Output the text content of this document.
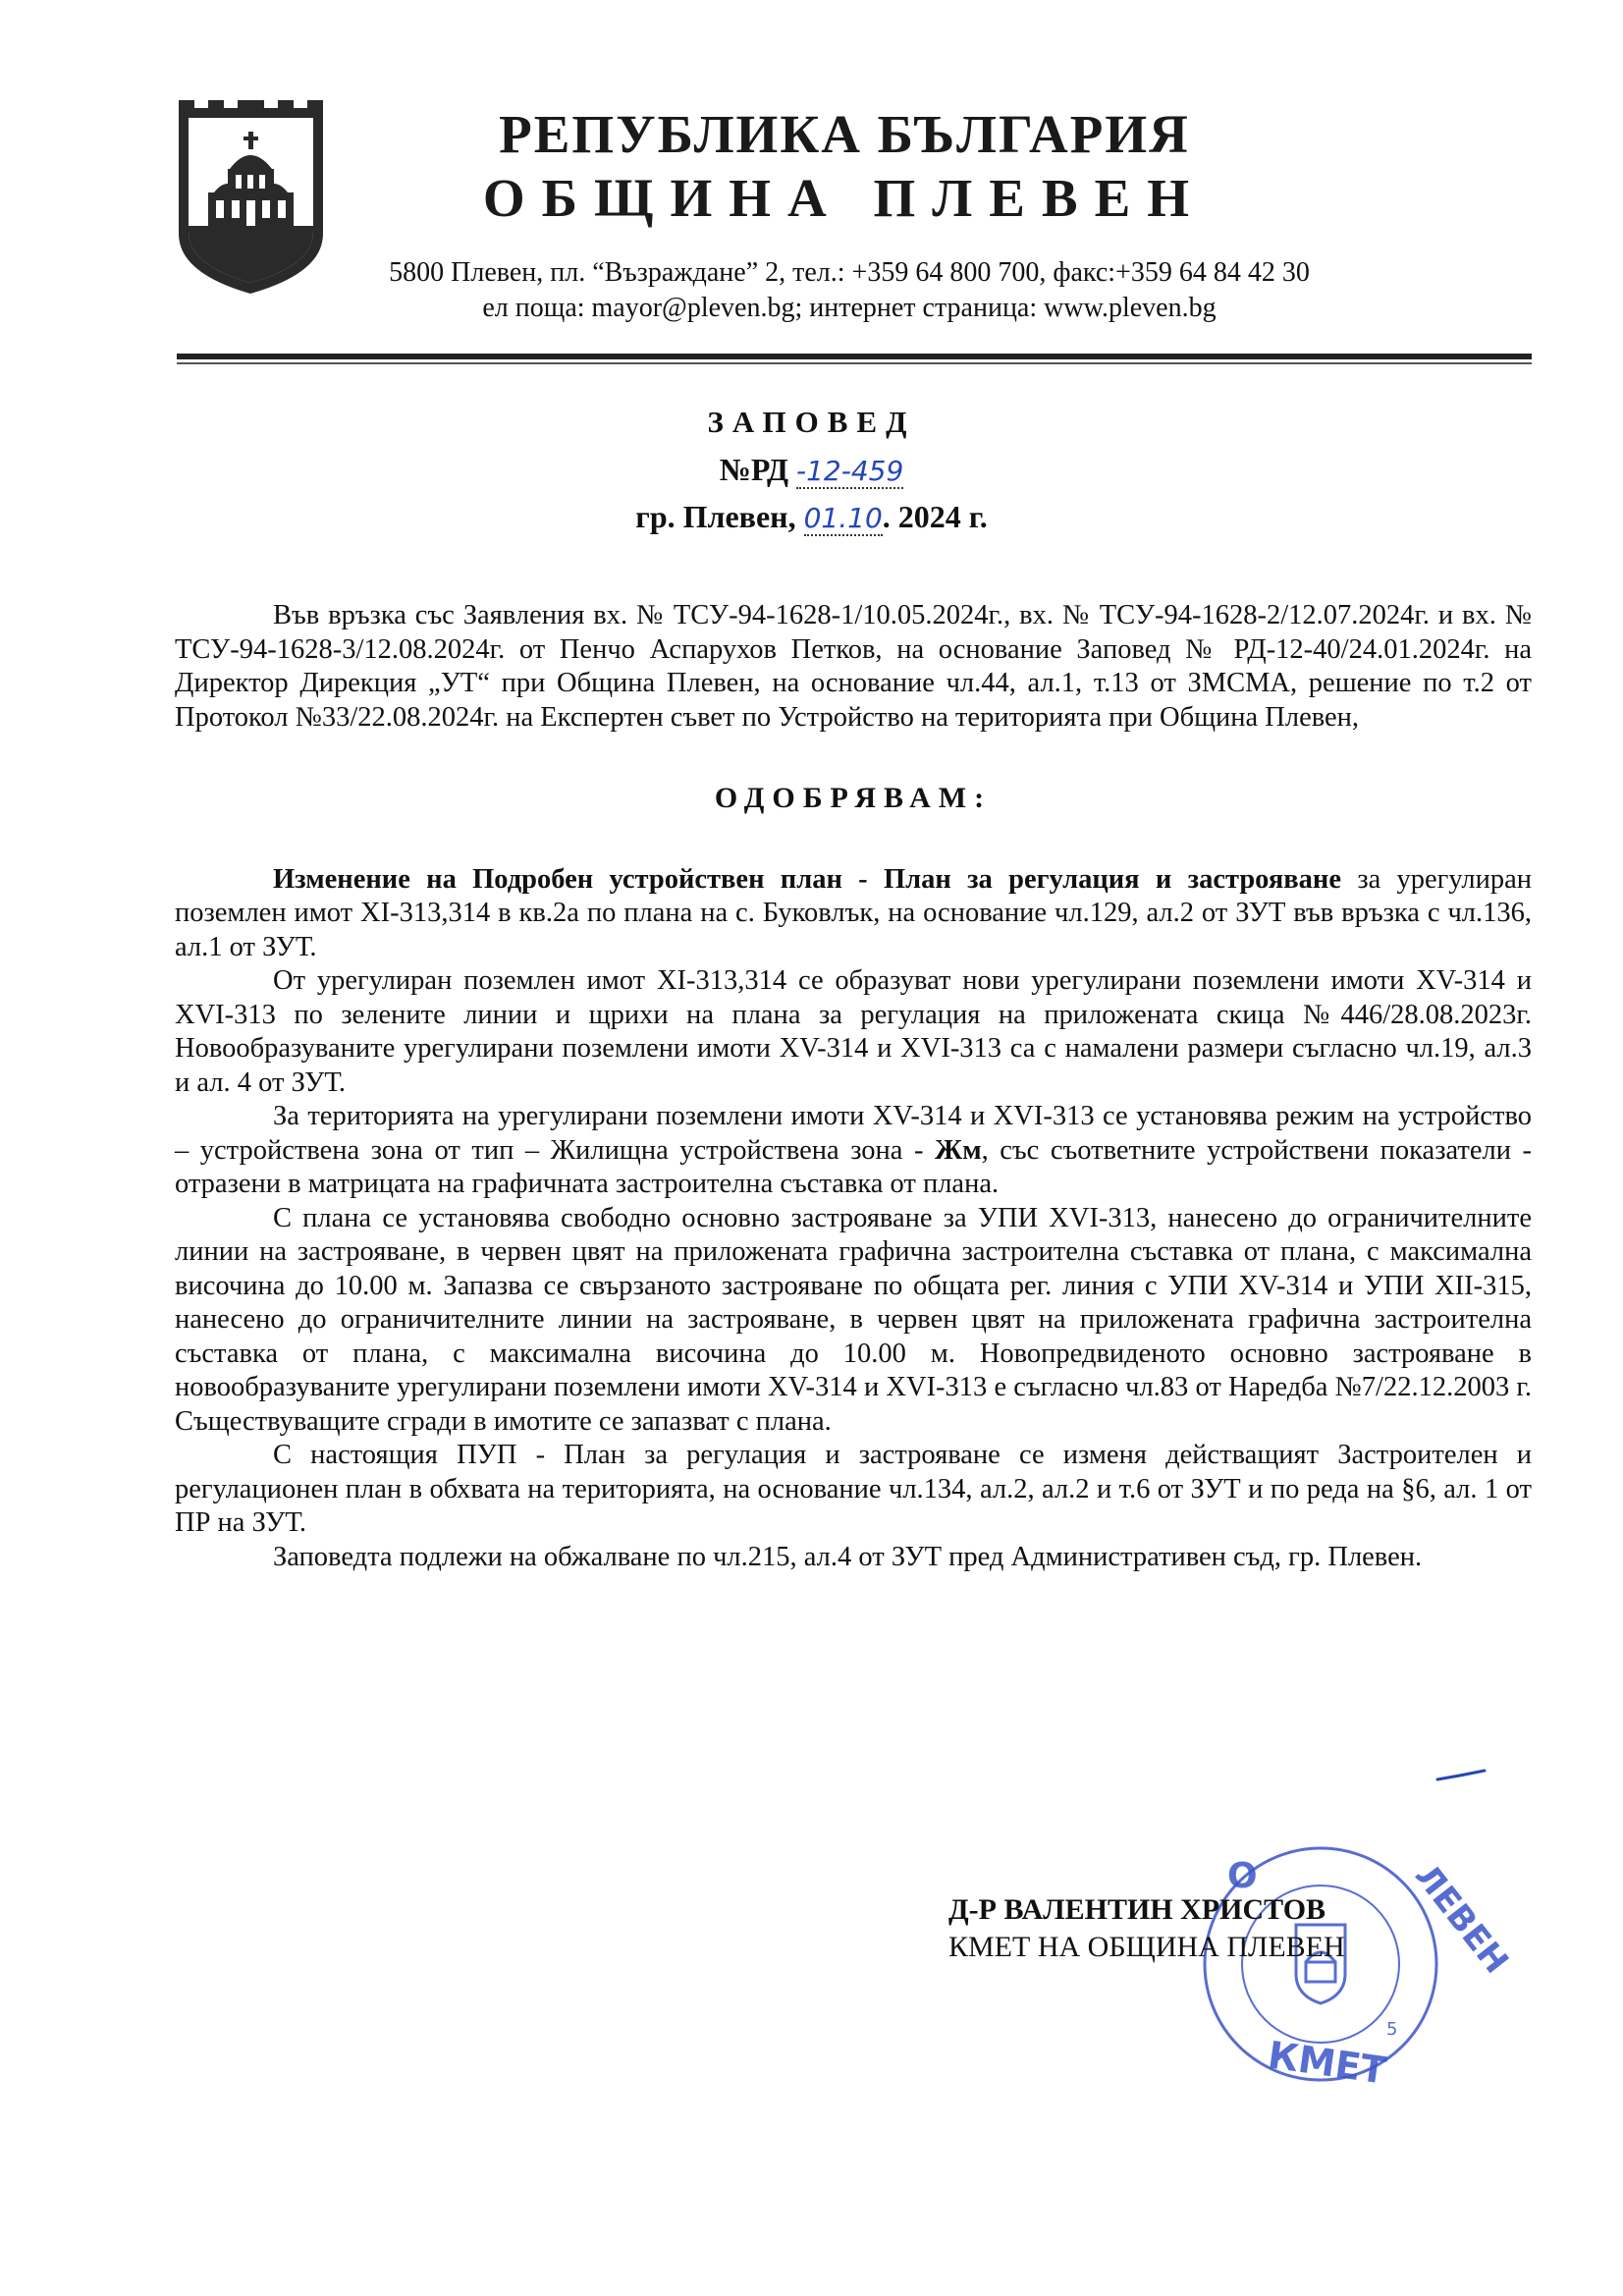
РЕПУБЛИКА БЪЛГАРИЯ
ОБЩИНА ПЛЕВЕН
5800 Плевен, пл. “Възраждане” 2, тел.: +359 64 800 700, факс:+359 64 84 42 30
ел поща: mayor@pleven.bg; интернет страница: www.pleven.bg
ЗАПОВЕД
№РД -12-459
гр. Плевен, 01.10. 2024 г.

Във връзка със Заявления вх. № ТСУ-94-1628-1/10.05.2024г., вх. № ТСУ-94-1628-2/12.07.2024г. и вх. № ТСУ-94-1628-3/12.08.2024г. от Пенчо Аспарухов Петков, на основание Заповед № РД-12-40/24.01.2024г. на Директор Дирекция „УТ“ при Община Плевен, на основание чл.44, ал.1, т.13 от ЗМСМА, решение по т.2 от Протокол №33/22.08.2024г. на Експертен съвет по Устройство на територията при Община Плевен,

ОДОБРЯВАМ:

Изменение на Подробен устройствен план - План за регулация и застрояване за урегулиран поземлен имот XI-313,314 в кв.2а по плана на с. Буковлък, на основание чл.129, ал.2 от ЗУТ във връзка с чл.136, ал.1 от ЗУТ.

От урегулиран поземлен имот XI-313,314 се образуват нови урегулирани поземлени имоти XV-314 и XVI-313 по зелените линии и щрихи на плана за регулация на приложената скица №446/28.08.2023г. Новообразуваните урегулирани поземлени имоти XV-314 и XVI-313 са с намалени размери съгласно чл.19, ал.3 и ал. 4 от ЗУТ.

За територията на урегулирани поземлени имоти XV-314 и XVI-313 се установява режим на устройство – устройствена зона от тип – Жилищна устройствена зона - Жм, със съответните устройствени показатели - отразени в матрицата на графичната застроителна съставка от плана.

С плана се установява свободно основно застрояване за УПИ XVI-313, нанесено до ограничителните линии на застрояване, в червен цвят на приложената графична застроителна съставка от плана, с максимална височина до 10.00 м. Запазва се свързаното застрояване по общата рег. линия с УПИ XV-314 и УПИ XII-315, нанесено до ограничителните линии на застрояване, в червен цвят на приложената графична застроителна съставка от плана, с максимална височина до 10.00 м. Новопредвиденото основно застрояване в новообразуваните урегулирани поземлени имоти XV-314 и XVI-313 е съгласно чл.83 от Наредба №7/22.12.2003 г. Съществуващите сгради в имотите се запазват с плана.

С настоящия ПУП - План за регулация и застрояване се изменя действащият Застроителен и регулационен план в обхвата на територията, на основание чл.134, ал.2, ал.2 и т.6 от ЗУТ и по реда на §6, ал. 1 от ПР на ЗУТ.

Заповедта подлежи на обжалване по чл.215, ал.4 от ЗУТ пред Административен съд, гр. Плевен.

О	ЛЕВЕН
КМЕТ
5
Д-Р ВАЛЕНТИН ХРИСТОВ
КМЕТ НА ОБЩИНА ПЛЕВЕН
